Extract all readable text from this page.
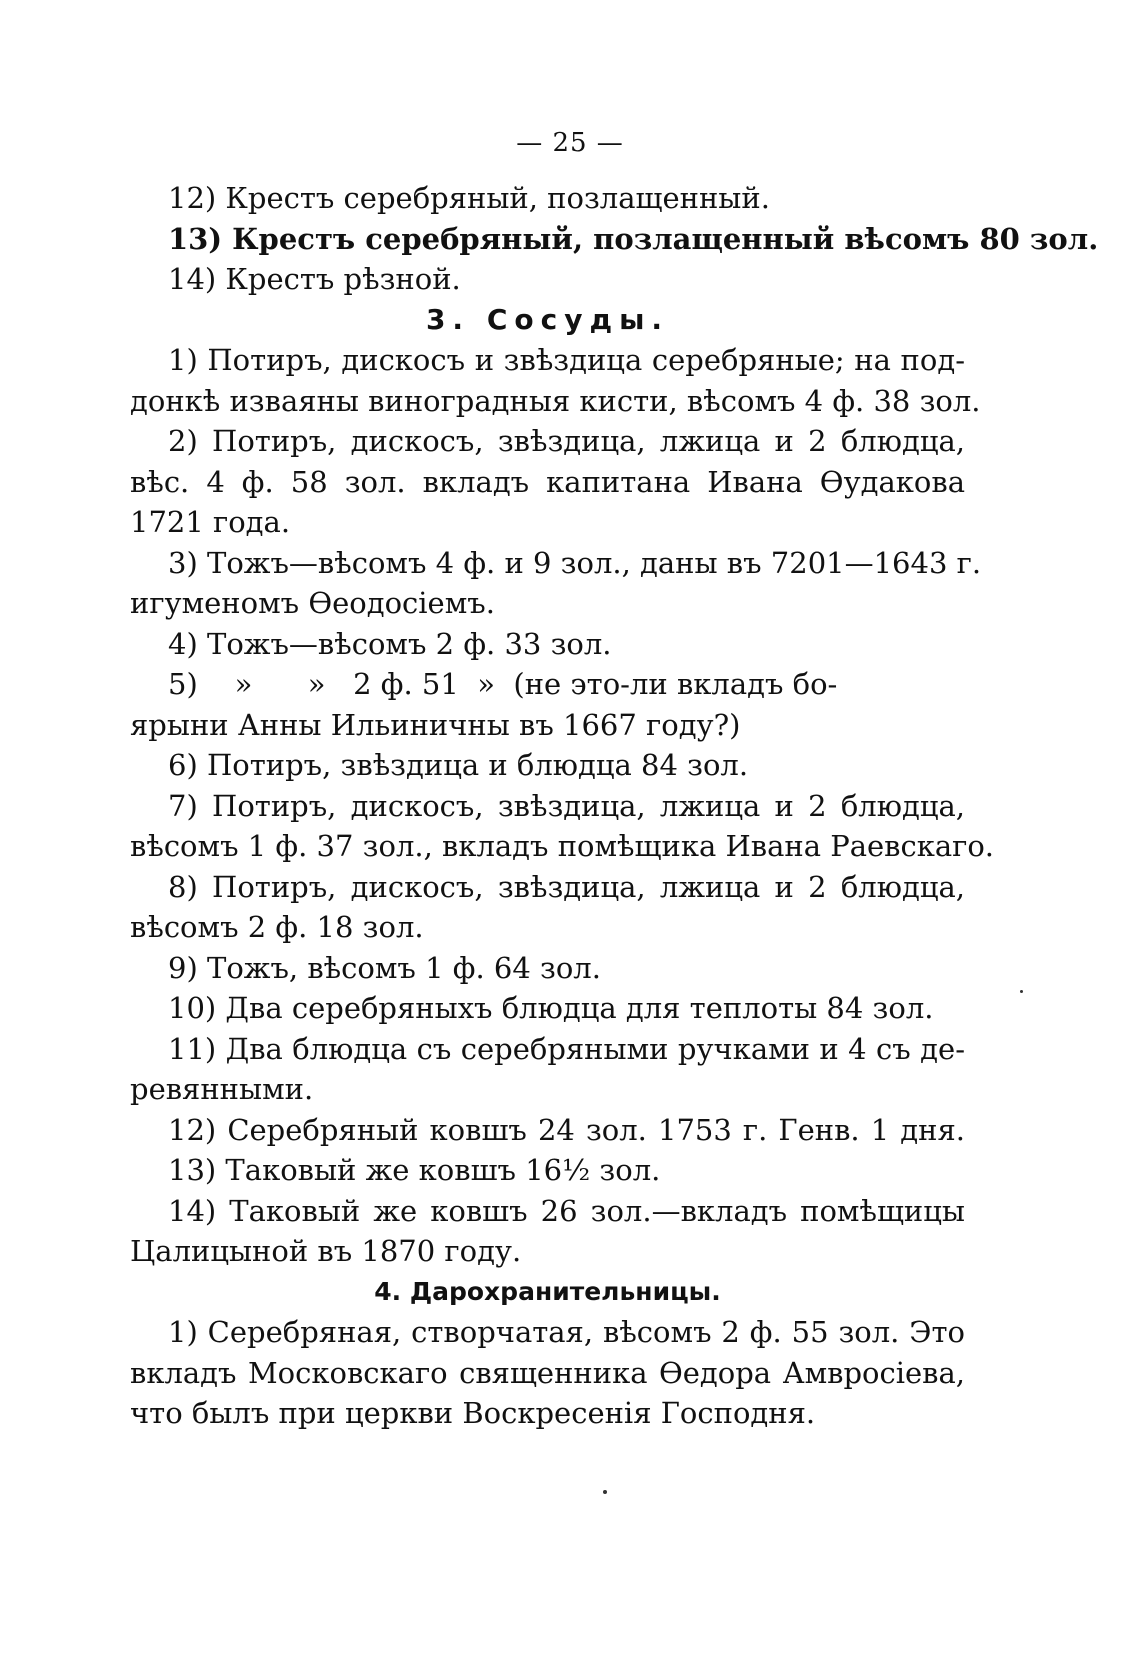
— 25 —
12) Крестъ серебряный, позлащенный.
13) Крестъ серебряный, позлащенный вѣсомъ 80 зол.
14) Крестъ рѣзной.
3. Сосуды.
1) Потиръ, дискосъ и звѣздица серебряные; на под-
донкѣ изваяны виноградныя кисти, вѣсомъ 4 ф. 38 зол.
2) Потиръ, дискосъ, звѣздица, лжица и 2 блюдца,
вѣс. 4 ф. 58 зол. вкладъ капитана Ивана Ѳудакова
1721 года.
3) Тожъ—вѣсомъ 4 ф. и 9 зол., даны въ 7201—1643 г.
игуменомъ Ѳеодосіемъ.
4) Тожъ—вѣсомъ 2 ф. 33 зол.
5)    »      »   2 ф. 51  »  (не это-ли вкладъ бо-
ярыни Анны Ильиничны въ 1667 году?)
6) Потиръ, звѣздица и блюдца 84 зол.
7) Потиръ, дискосъ, звѣздица, лжица и 2 блюдца,
вѣсомъ 1 ф. 37 зол., вкладъ помѣщика Ивана Раевскаго.
8) Потиръ, дискосъ, звѣздица, лжица и 2 блюдца,
вѣсомъ 2 ф. 18 зол.
9) Тожъ, вѣсомъ 1 ф. 64 зол.
10) Два серебряныхъ блюдца для теплоты 84 зол.
11) Два блюдца съ серебряными ручками и 4 съ де-
ревянными.
12) Серебряный ковшъ 24 зол. 1753 г. Генв. 1 дня.
13) Таковый же ковшъ 16½ зол.
14) Таковый же ковшъ 26 зол.—вкладъ помѣщицы
Цалицыной въ 1870 году.
4. Дарохранительницы.
1) Серебряная, створчатая, вѣсомъ 2 ф. 55 зол. Это
вкладъ Московскаго священника Ѳедора Амвросіева,
что былъ при церкви Воскресенія Господня.
